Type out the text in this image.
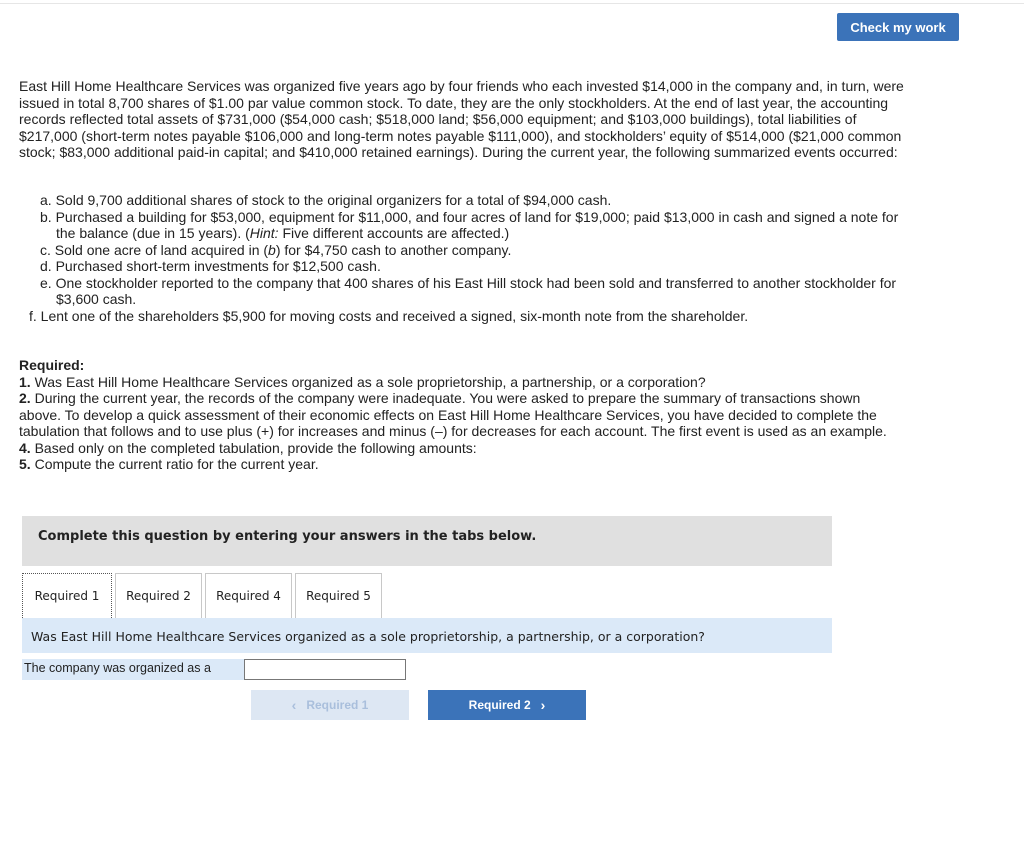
Check my work

East Hill Home Healthcare Services was organized five years ago by four friends who each invested $14,000 in the company and, in turn, were issued in total 8,700 shares of $1.00 par value common stock. To date, they are the only stockholders. At the end of last year, the accounting records reflected total assets of $731,000 ($54,000 cash; $518,000 land; $56,000 equipment; and $103,000 buildings), total liabilities of $217,000 (short-term notes payable $106,000 and long-term notes payable $111,000), and stockholders’ equity of $514,000 ($21,000 common stock; $83,000 additional paid-in capital; and $410,000 retained earnings). During the current year, the following summarized events occurred:

a. Sold 9,700 additional shares of stock to the original organizers for a total of $94,000 cash.
b. Purchased a building for $53,000, equipment for $11,000, and four acres of land for $19,000; paid $13,000 in cash and signed a note for the balance (due in 15 years). (Hint: Five different accounts are affected.)
c. Sold one acre of land acquired in (b) for $4,750 cash to another company.
d. Purchased short-term investments for $12,500 cash.
e. One stockholder reported to the company that 400 shares of his East Hill stock had been sold and transferred to another stockholder for $3,600 cash.
f. Lent one of the shareholders $5,900 for moving costs and received a signed, six-month note from the shareholder.

Required:

1. Was East Hill Home Healthcare Services organized as a sole proprietorship, a partnership, or a corporation?

2. During the current year, the records of the company were inadequate. You were asked to prepare the summary of transactions shown above. To develop a quick assessment of their economic effects on East Hill Home Healthcare Services, you have decided to complete the tabulation that follows and to use plus (+) for increases and minus (–) for decreases for each account. The first event is used as an example.

4. Based only on the completed tabulation, provide the following amounts:

5. Compute the current ratio for the current year.

Complete this question by entering your answers in the tabs below.
Required 1	Required 2	Required 4	Required 5
Was East Hill Home Healthcare Services organized as a sole proprietorship, a partnership, or a corporation?
The company was organized as a
‹ Required 1	Required 2 ›
